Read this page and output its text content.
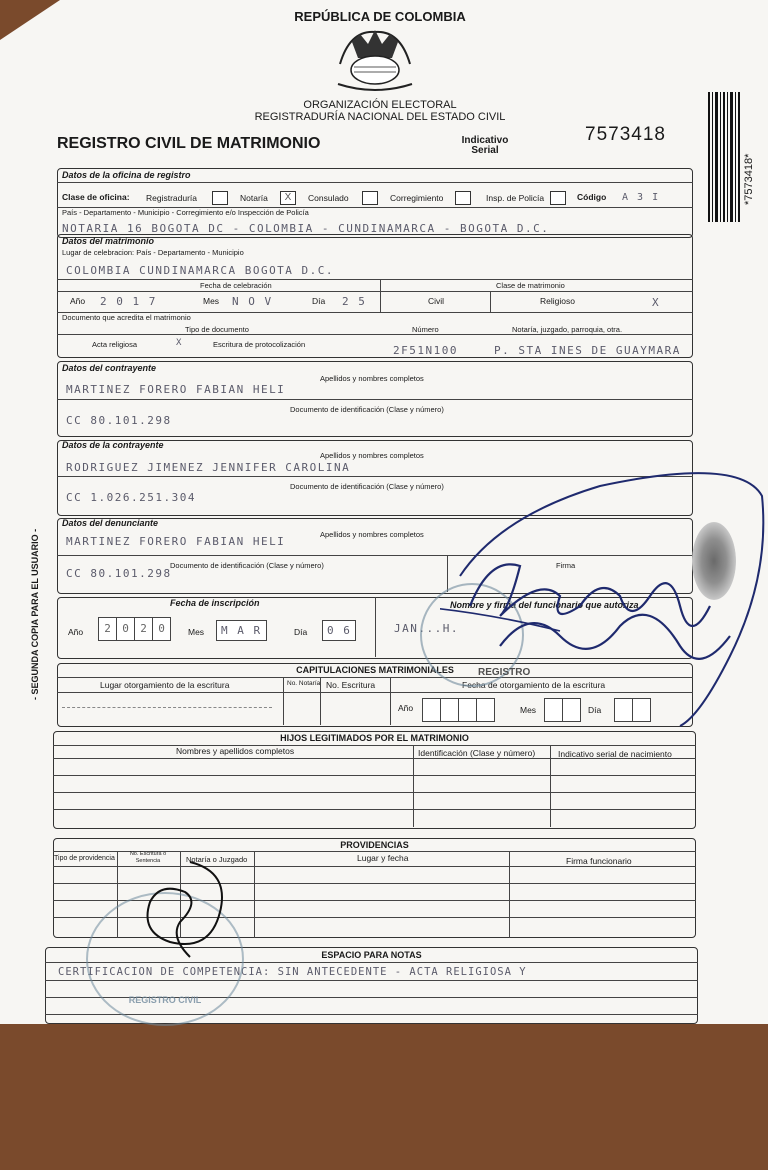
REPÚBLICA DE COLOMBIA
ORGANIZACIÓN ELECTORAL
REGISTRADURÍA NACIONAL DEL ESTADO CIVIL
REGISTRO CIVIL DE MATRIMONIO	Indicativo
Serial
7573418
*7573418*
- SEGUNDA COPIA PARA EL USUARIO -
Datos de la oficina de registro
Clase de oficina: Registraduría	Notaría	X	Consulado	Corregimiento	Insp. de Policía	Código A 3 I
País - Departamento - Municipio - Corregimiento e/o Inspección de Policía
NOTARIA 16 BOGOTA DC - COLOMBIA - CUNDINAMARCA - BOGOTA D.C.
Datos del matrimonio
Lugar de celebracion: País - Departamento - Municipio
COLOMBIA CUNDINAMARCA BOGOTA D.C.
Fecha de celebración	Clase de matrimonio
Año 2 0 1 7	Mes N O V	Día 2 5	Civil	Religioso	X
Documento que acredita el matrimonio
Tipo de documento	Número	Notaría, juzgado, parroquia, otra.
Acta religiosa	X	Escritura de protocolización	2F51N100	P. STA INES DE GUAYMARA
Datos del contrayente
Apellidos y nombres completos
MARTINEZ FORERO FABIAN HELI
Documento de identificación (Clase y número)
CC 80.101.298
Datos de la contrayente
Apellidos y nombres completos
RODRIGUEZ JIMENEZ JENNIFER CAROLINA
Documento de identificación (Clase y número)
CC 1.026.251.304
Datos del denunciante
Apellidos y nombres completos
MARTINEZ FORERO FABIAN HELI
Documento de identificación (Clase y número)
CC 80.101.298
Firma
Fecha de inscripción	Nombre y firma del funcionario que autoriza
Año	2	0	2	0	Mes	M A R	Día	0 6	JAN...H.
CAPITULACIONES MATRIMONIALES
Lugar otorgamiento de la escritura	No. Notaría No. Escritura	Fecha de otorgamiento de la escritura
Año	Mes	Día
HIJOS LEGITIMADOS POR EL MATRIMONIO
Nombres y apellidos completos	Identificación (Clase y número)	Indicativo serial de nacimiento
PROVIDENCIAS
Tipo de providencia
No. Escritura o Sentencia	Notaría o Juzgado	Lugar y fecha	Firma funcionario
ESPACIO PARA NOTAS
CERTIFICACION DE COMPETENCIA: SIN ANTECEDENTE - ACTA RELIGIOSA Y
REGISTRO
REGISTRO CIVIL
